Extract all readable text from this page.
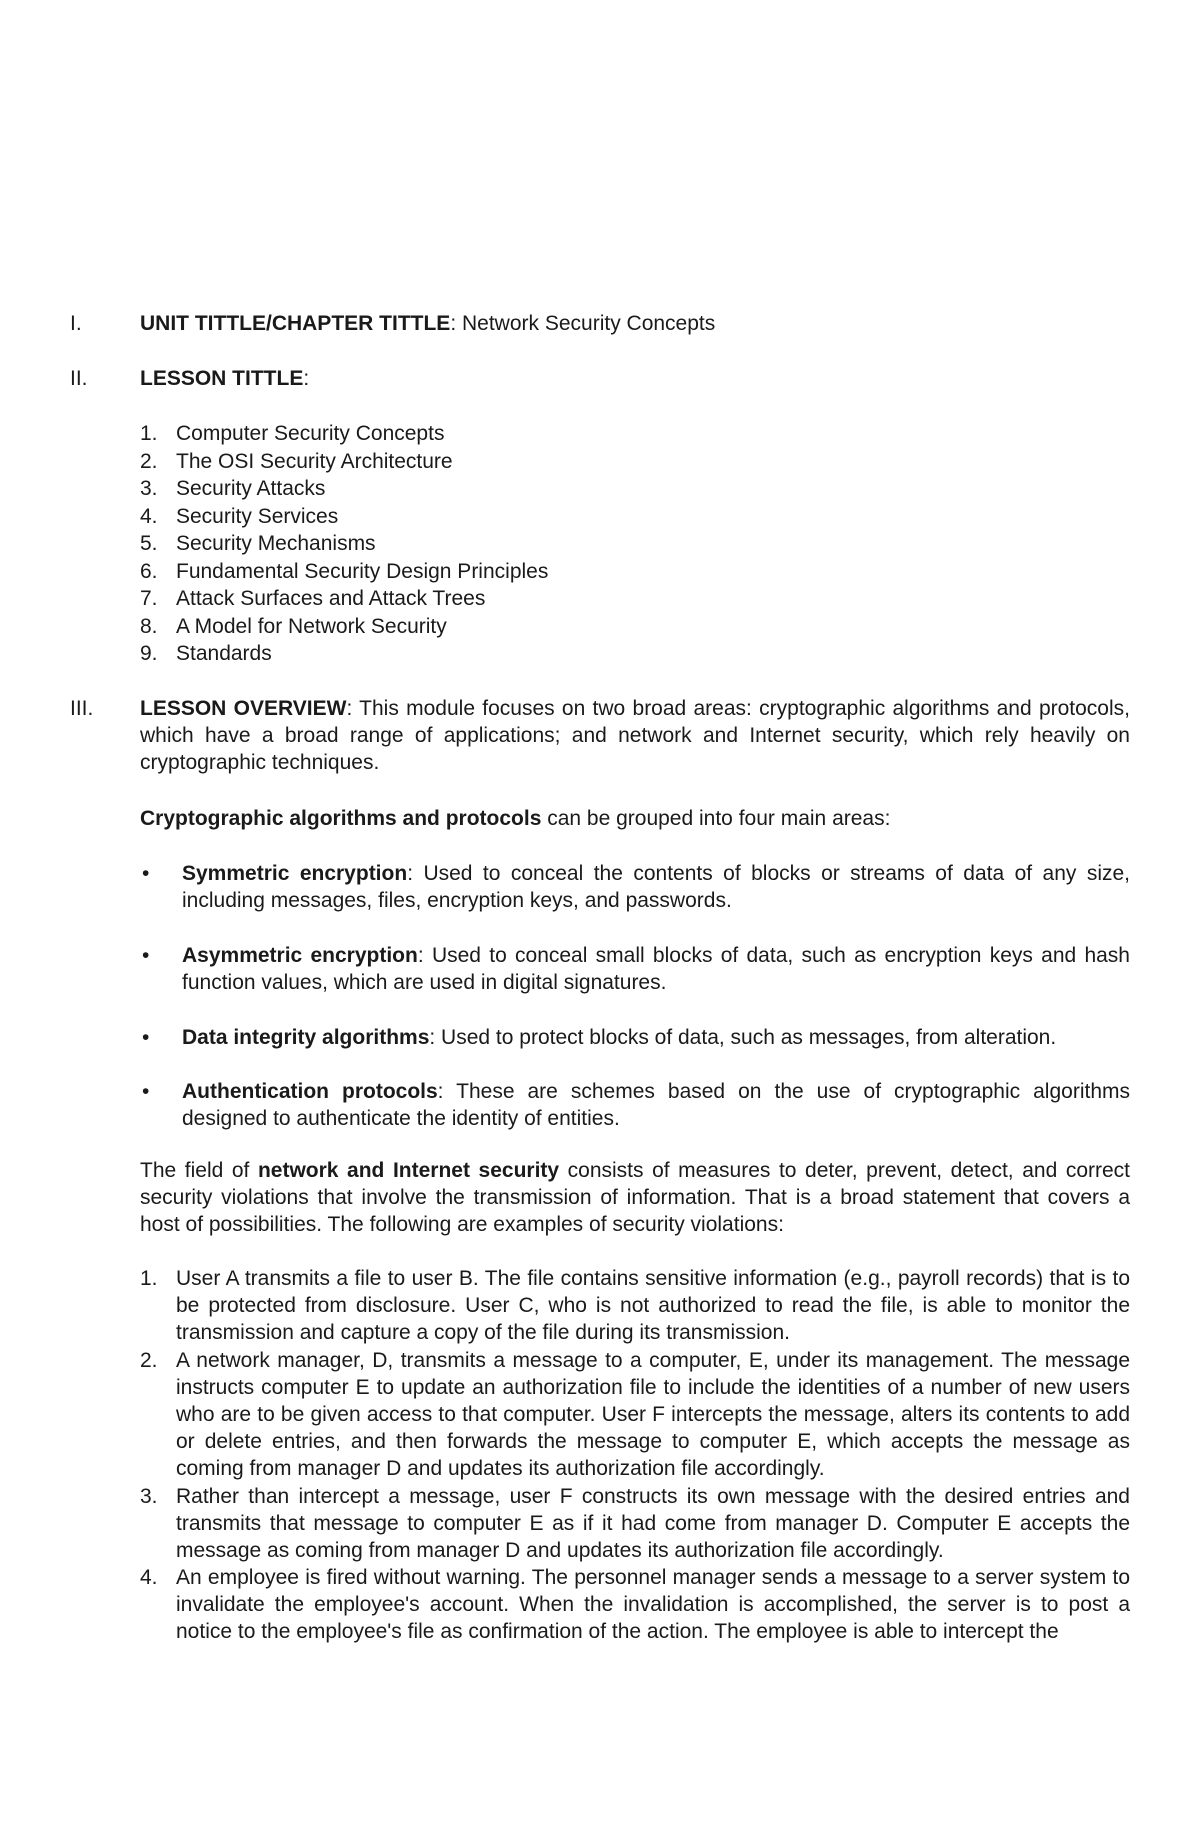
I.	UNIT TITTLE/CHAPTER TITTLE: Network Security Concepts
II.	LESSON TITTLE:
1. Computer Security Concepts
2. The OSI Security Architecture
3. Security Attacks
4. Security Services
5. Security Mechanisms
6. Fundamental Security Design Principles
7. Attack Surfaces and Attack Trees
8. A Model for Network Security
9. Standards
III.	LESSON OVERVIEW: This module focuses on two broad areas: cryptographic algorithms and protocols, which have a broad range of applications; and network and Internet security, which rely heavily on cryptographic techniques.

Cryptographic algorithms and protocols can be grouped into four main areas:

• Symmetric encryption: Used to conceal the contents of blocks or streams of data of any size, including messages, files, encryption keys, and passwords.
• Asymmetric encryption: Used to conceal small blocks of data, such as encryption keys and hash function values, which are used in digital signatures.
• Data integrity algorithms: Used to protect blocks of data, such as messages, from alteration.
• Authentication protocols: These are schemes based on the use of cryptographic algorithms designed to authenticate the identity of entities.

The field of network and Internet security consists of measures to deter, prevent, detect, and correct security violations that involve the transmission of information. That is a broad statement that covers a host of possibilities. The following are examples of security violations:

1. User A transmits a file to user B. The file contains sensitive information (e.g., payroll records) that is to be protected from disclosure. User C, who is not authorized to read the file, is able to monitor the transmission and capture a copy of the file during its transmission.
2. A network manager, D, transmits a message to a computer, E, under its management. The message instructs computer E to update an authorization file to include the identities of a number of new users who are to be given access to that computer. User F intercepts the message, alters its contents to add or delete entries, and then forwards the message to computer E, which accepts the message as coming from manager D and updates its authorization file accordingly.
3. Rather than intercept a message, user F constructs its own message with the desired entries and transmits that message to computer E as if it had come from manager D. Computer E accepts the message as coming from manager D and updates its authorization file accordingly.
4. An employee is fired without warning. The personnel manager sends a message to a server system to invalidate the employee's account. When the invalidation is accomplished, the server is to post a notice to the employee's file as confirmation of the action. The employee is able to intercept the
